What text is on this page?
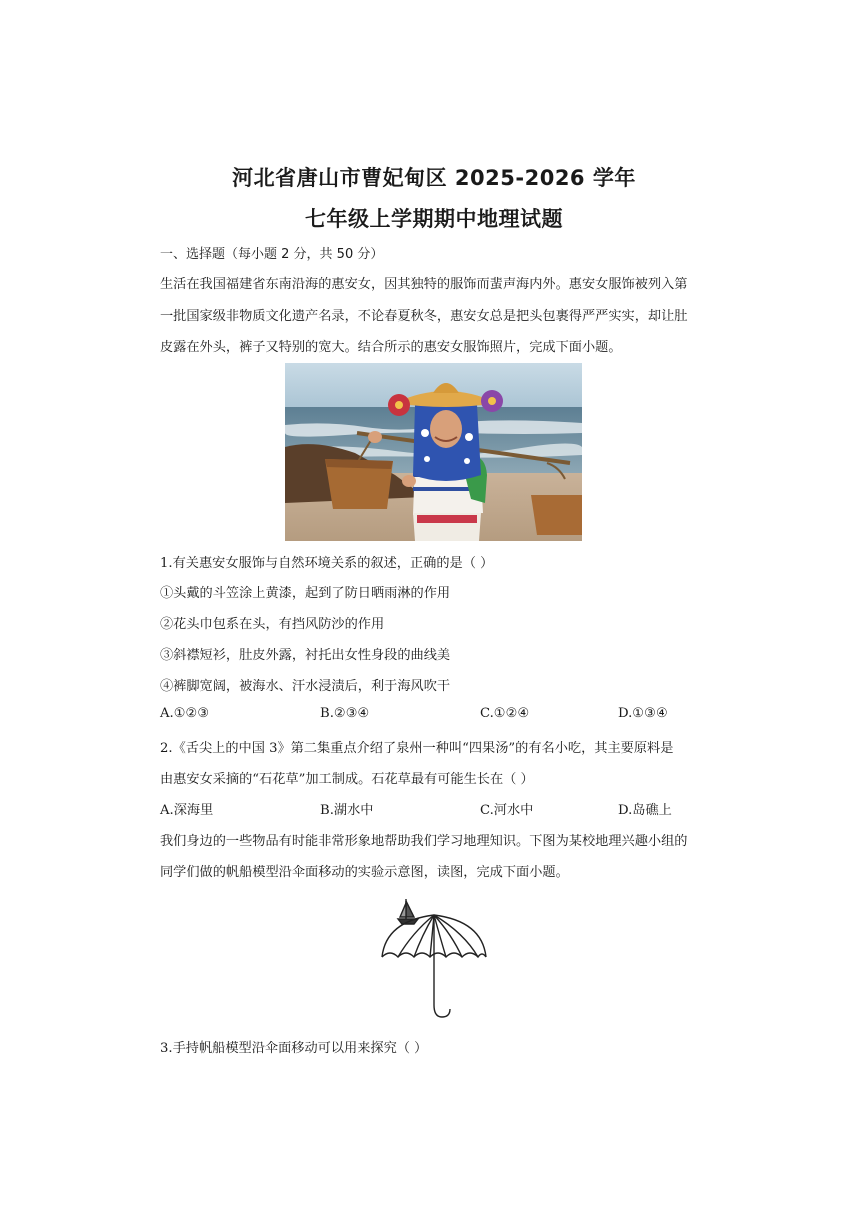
河北省唐山市曹妃甸区 2025-2026 学年
七年级上学期期中地理试题
一、选择题（每小题 2 分，共 50 分）
生活在我国福建省东南沿海的惠安女，因其独特的服饰而蜚声海内外。惠安女服饰被列入第
一批国家级非物质文化遗产名录，不论春夏秋冬，惠安女总是把头包裹得严严实实，却让肚
皮露在外头，裤子又特别的宽大。结合所示的惠安女服饰照片，完成下面小题。
1.有关惠安女服饰与自然环境关系的叙述，正确的是（ ）
①头戴的斗笠涂上黄漆，起到了防日晒雨淋的作用
②花头巾包系在头，有挡风防沙的作用
③斜襟短衫，肚皮外露，衬托出女性身段的曲线美
④裤脚宽阔，被海水、汗水浸渍后，利于海风吹干
A.①②③	B.②③④	C.①②④	D.①③④
2.《舌尖上的中国 3》第二集重点介绍了泉州一种叫“四果汤”的有名小吃，其主要原料是
由惠安女采摘的“石花草”加工制成。石花草最有可能生长在（ ）
A.深海里	B.湖水中	C.河水中	D.岛礁上
我们身边的一些物品有时能非常形象地帮助我们学习地理知识。下图为某校地理兴趣小组的
同学们做的帆船模型沿伞面移动的实验示意图，读图，完成下面小题。
3.手持帆船模型沿伞面移动可以用来探究（ ）
